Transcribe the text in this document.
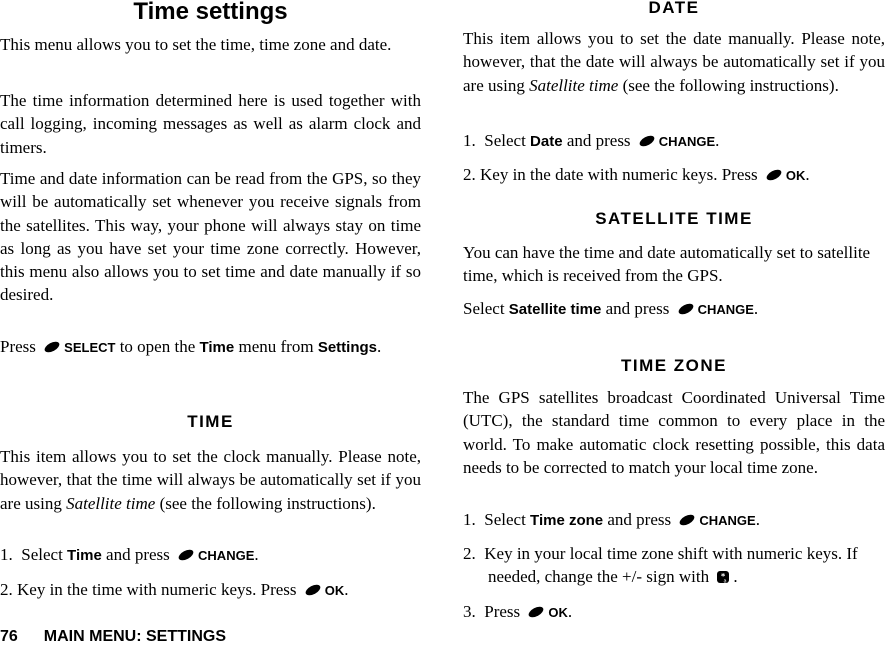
Time settings

This menu allows you to set the time, time zone and date.

The time information determined here is used together with call logging, incoming messages as well as alarm clock and timers.

Time and date information can be read from the GPS, so they will be automatically set whenever you receive signals from the satellites. This way, your phone will always stay on time as long as you have set your time zone correctly. However, this menu also allows you to set time and date manually if so desired.

Press SELECT to open the Time menu from Settings.

TIME

This item allows you to set the clock manually. Please note, however, that the time will always be automatically set if you are using Satellite time (see the following instructions).

1. Select Time and press CHANGE.

2. Key in the time with numeric keys. Press OK.

76 MAIN MENU: SETTINGS
DATE

This item allows you to set the date manually. Please note, however, that the date will always be automatically set if you are using Satellite time (see the following instructions).

1. Select Date and press CHANGE.

2. Key in the date with numeric keys. Press OK.

SATELLITE TIME

You can have the time and date automatically set to satellite time, which is received from the GPS.

Select Satellite time and press CHANGE.

TIME ZONE

The GPS satellites broadcast Coordinated Universal Time (UTC), the standard time common to every place in the world. To make automatic clock resetting possible, this data needs to be corrected to match your local time zone.

1. Select Time zone and press CHANGE.

2. Key in your local time zone shift with numeric keys. If needed, change the +/- sign with *
a .

3. Press OK.
